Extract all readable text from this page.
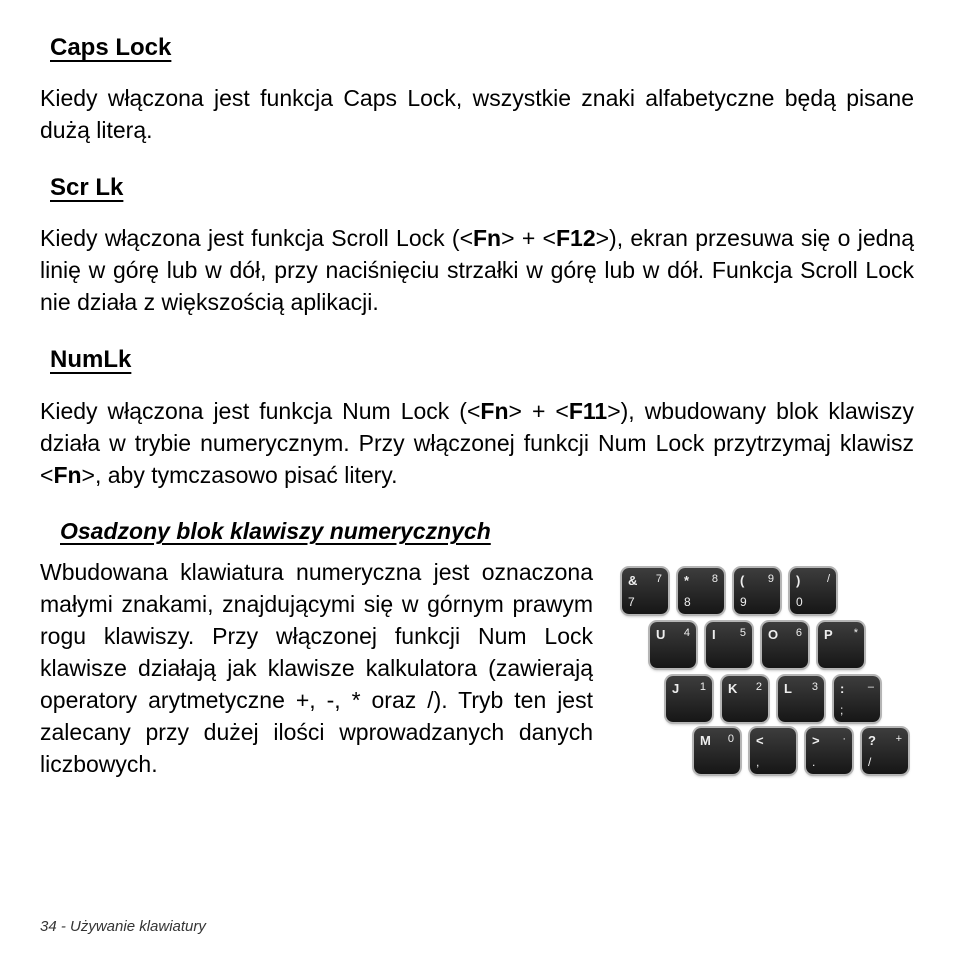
Caps Lock

Kiedy włączona jest funkcja Caps Lock, wszystkie znaki alfabetyczne będą pisane dużą literą.

Scr Lk

Kiedy włączona jest funkcja Scroll Lock (<Fn> + <F12>), ekran przesuwa się o jedną linię w górę lub w dół, przy naciśnięciu strzałki w górę lub w dół. Funkcja Scroll Lock nie działa z większością aplikacji.

NumLk

Kiedy włączona jest funkcja Num Lock (<Fn> + <F11>), wbudowany blok klawiszy działa w trybie numerycznym. Przy włączonej funkcji Num Lock przytrzymaj klawisz <Fn>, aby tymczasowo pisać litery.

Osadzony blok klawiszy numerycznych

Wbudowana klawiatura numeryczna jest oznaczona małymi znakami, znajdującymi się w górnym prawym rogu klawiszy. Przy włączonej funkcji Num Lock klawisze działają jak klawisze kalkulatora (zawierają operatory arytmetyczne +, -, * oraz /). Tryb ten jest zalecany przy dużej ilości wprowadzanych danych liczbowych.

& 7
7
* 8
8
( 9
9
) /
0
U 4 I 5 O 6 P *
J 1 K 2 L 3 : –
;
M 0 <
,
> ·
.
? +
/
34 - Używanie klawiatury
